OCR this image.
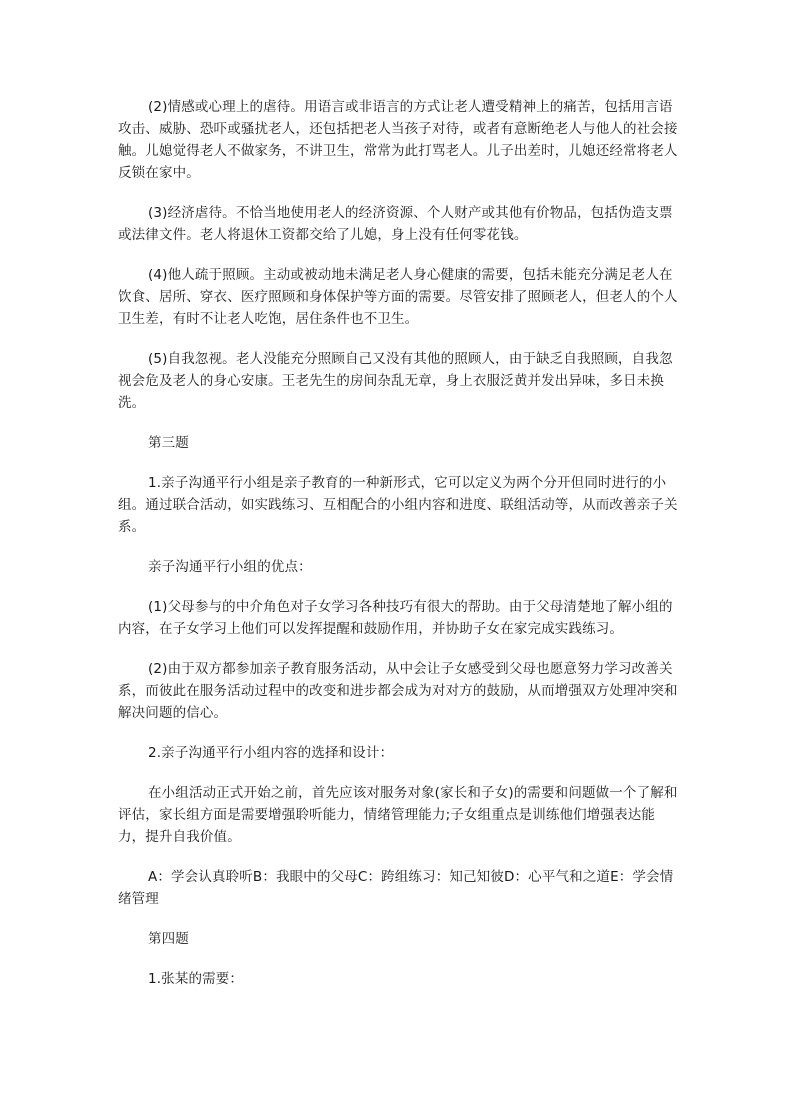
(2)情感或心理上的虐待。用语言或非语言的方式让老人遭受精神上的痛苦，包括用言语攻击、威胁、恐吓或骚扰老人，还包括把老人当孩子对待，或者有意断绝老人与他人的社会接触。儿媳觉得老人不做家务，不讲卫生，常常为此打骂老人。儿子出差时，儿媳还经常将老人反锁在家中。

(3)经济虐待。不恰当地使用老人的经济资源、个人财产或其他有价物品，包括伪造支票或法律文件。老人将退休工资都交给了儿媳，身上没有任何零花钱。

(4)他人疏于照顾。主动或被动地未满足老人身心健康的需要，包括未能充分满足老人在饮食、居所、穿衣、医疗照顾和身体保护等方面的需要。尽管安排了照顾老人，但老人的个人卫生差，有时不让老人吃饱，居住条件也不卫生。

(5)自我忽视。老人没能充分照顾自己又没有其他的照顾人，由于缺乏自我照顾，自我忽视会危及老人的身心安康。王老先生的房间杂乱无章，身上衣服泛黄并发出异味，多日未换洗。

第三题

1.亲子沟通平行小组是亲子教育的一种新形式，它可以定义为两个分开但同时进行的小组。通过联合活动，如实践练习、互相配合的小组内容和进度、联组活动等，从而改善亲子关系。

亲子沟通平行小组的优点：

(1)父母参与的中介角色对子女学习各种技巧有很大的帮助。由于父母清楚地了解小组的内容，在子女学习上他们可以发挥提醒和鼓励作用，并协助子女在家完成实践练习。

(2)由于双方都参加亲子教育服务活动，从中会让子女感受到父母也愿意努力学习改善关系，而彼此在服务活动过程中的改变和进步都会成为对对方的鼓励，从而增强双方处理冲突和解决问题的信心。

2.亲子沟通平行小组内容的选择和设计：

在小组活动正式开始之前，首先应该对服务对象(家长和子女)的需要和问题做一个了解和评估，家长组方面是需要增强聆听能力，情绪管理能力;子女组重点是训练他们增强表达能力，提升自我价值。

A：学会认真聆听B：我眼中的父母C：跨组练习：知己知彼D：心平气和之道E：学会情绪管理

第四题

1.张某的需要：
